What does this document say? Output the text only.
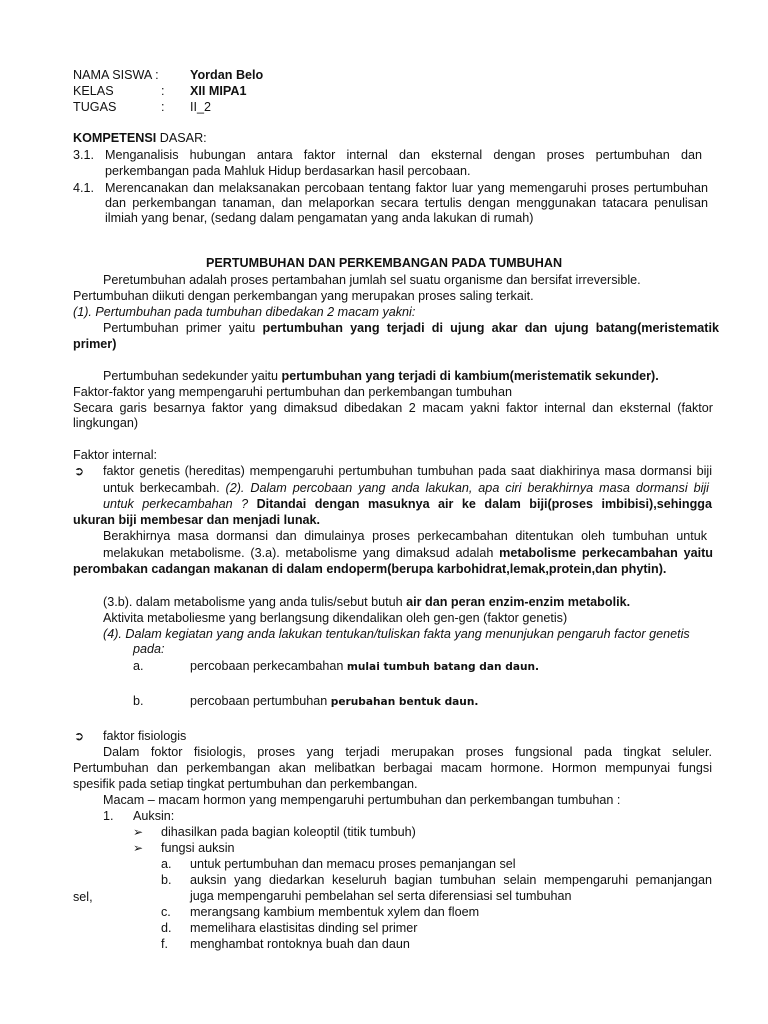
NAMA SISWA : Yordan Belo
KELAS	: XII MIPA1
TUGAS	: II_2
KOMPETENSI DASAR:
3.1. Menganalisis hubungan antara faktor internal dan eksternal dengan proses pertumbuhan dan
perkembangan pada Mahluk Hidup berdasarkan hasil percobaan.
4.1. Merencanakan dan melaksanakan percobaan tentang faktor luar yang memengaruhi proses pertumbuhan
dan perkembangan tanaman, dan melaporkan secara tertulis dengan menggunakan tatacara penulisan
ilmiah yang benar, (sedang dalam pengamatan yang anda lakukan di rumah)
PERTUMBUHAN DAN PERKEMBANGAN PADA TUMBUHAN
Peretumbuhan adalah proses pertambahan jumlah sel suatu organisme dan bersifat irreversible.
Pertumbuhan diikuti dengan perkembangan yang merupakan proses saling terkait.
(1). Pertumbuhan pada tumbuhan dibedakan 2 macam yakni:
Pertumbuhan primer yaitu pertumbuhan yang terjadi di ujung akar dan ujung batang(meristematik
primer)
Pertumbuhan sedekunder yaitu pertumbuhan yang terjadi di kambium(meristematik sekunder).
Faktor-faktor yang mempengaruhi pertumbuhan dan perkembangan tumbuhan
Secara garis besarnya faktor yang dimaksud dibedakan 2 macam yakni faktor internal dan eksternal (faktor
lingkungan)
Faktor internal:
➲ faktor genetis (hereditas) mempengaruhi pertumbuhan tumbuhan pada saat diakhirinya masa dormansi biji
untuk berkecambah. (2). Dalam percobaan yang anda lakukan, apa ciri berakhirnya masa dormansi biji
untuk perkecambahan ? Ditandai dengan masuknya air ke dalam biji(proses imbibisi),sehingga
ukuran biji membesar dan menjadi lunak.
Berakhirnya masa dormansi dan dimulainya proses perkecambahan ditentukan oleh tumbuhan untuk
melakukan metabolisme. (3.a). metabolisme yang dimaksud adalah metabolisme perkecambahan yaitu
perombakan cadangan makanan di dalam endoperm(berupa karbohidrat,lemak,protein,dan phytin).
(3.b). dalam metabolisme yang anda tulis/sebut butuh air dan peran enzim-enzim metabolik.
Aktivita metaboliesme yang berlangsung dikendalikan oleh gen-gen (faktor genetis)
(4). Dalam kegiatan yang anda lakukan tentukan/tuliskan fakta yang menunjukan pengaruh factor genetis
pada:
a.	percobaan perkecambahan mulai tumbuh batang dan daun.
b.	percobaan pertumbuhan perubahan bentuk daun.
➲ faktor fisiologis
Dalam foktor fisiologis, proses yang terjadi merupakan proses fungsional pada tingkat seluler.
Pertumbuhan dan perkembangan akan melibatkan berbagai macam hormone. Hormon mempunyai fungsi
spesifik pada setiap tingkat pertumbuhan dan perkembangan.
Macam – macam hormon yang mempengaruhi pertumbuhan dan perkembangan tumbuhan :
1. Auksin:
➢ dihasilkan pada bagian koleoptil (titik tumbuh)
➢ fungsi auksin
a. untuk pertumbuhan dan memacu proses pemanjangan sel
b. auksin yang diedarkan keseluruh bagian tumbuhan selain mempengaruhi pemanjangan
sel,	juga mempengaruhi pembelahan sel serta diferensiasi sel tumbuhan
c. merangsang kambium membentuk xylem dan floem
d. memelihara elastisitas dinding sel primer
f. menghambat rontoknya buah dan daun
